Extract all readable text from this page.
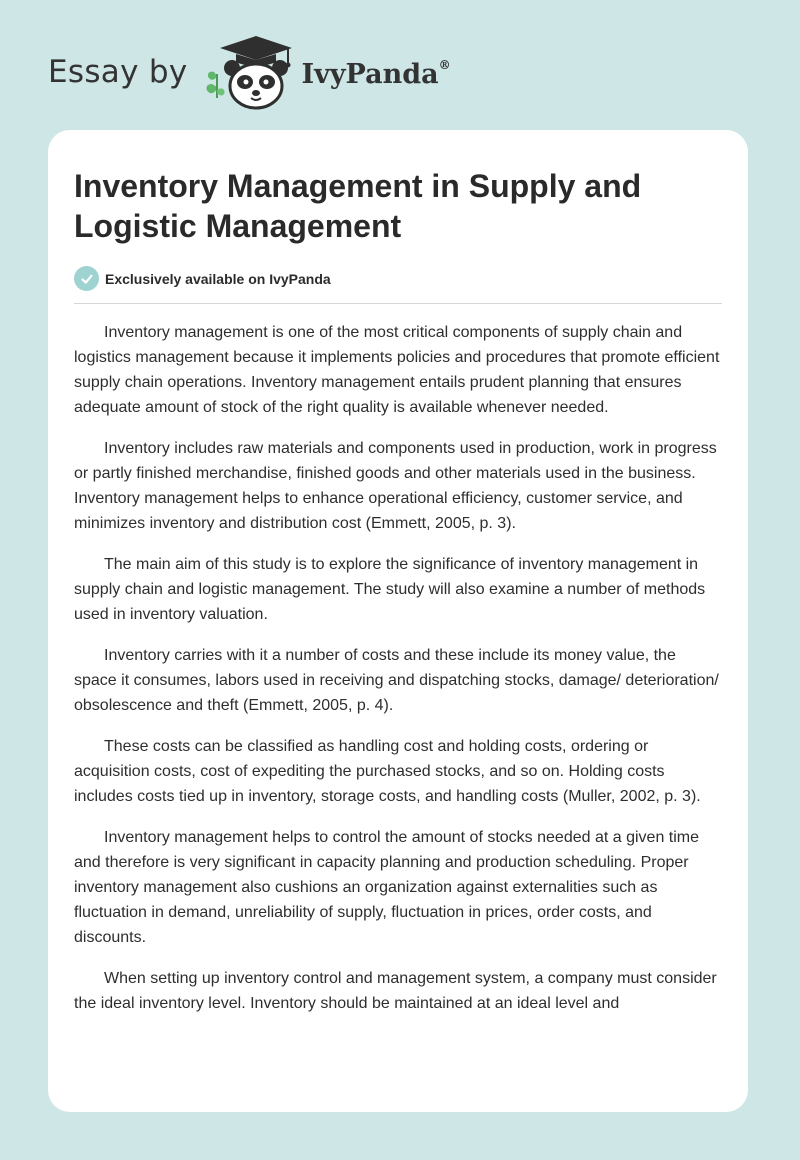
Essay by	IvyPanda®
Inventory Management in Supply and Logistic Management
Exclusively available on IvyPanda

Inventory management is one of the most critical components of supply chain and logistics management because it implements policies and procedures that promote efficient supply chain operations. Inventory management entails prudent planning that ensures adequate amount of stock of the right quality is available whenever needed.

Inventory includes raw materials and components used in production, work in progress or partly finished merchandise, finished goods and other materials used in the business. Inventory management helps to enhance operational efficiency, customer service, and minimizes inventory and distribution cost (Emmett, 2005, p. 3).

The main aim of this study is to explore the significance of inventory management in supply chain and logistic management. The study will also examine a number of methods used in inventory valuation.

Inventory carries with it a number of costs and these include its money value, the space it consumes, labors used in receiving and dispatching stocks, damage/ deterioration/ obsolescence and theft (Emmett, 2005, p. 4).

These costs can be classified as handling cost and holding costs, ordering or acquisition costs, cost of expediting the purchased stocks, and so on. Holding costs includes costs tied up in inventory, storage costs, and handling costs (Muller, 2002, p. 3).

Inventory management helps to control the amount of stocks needed at a given time and therefore is very significant in capacity planning and production scheduling. Proper inventory management also cushions an organization against externalities such as fluctuation in demand, unreliability of supply, fluctuation in prices, order costs, and discounts.

When setting up inventory control and management system, a company must consider the ideal inventory level. Inventory should be maintained at an ideal level and
